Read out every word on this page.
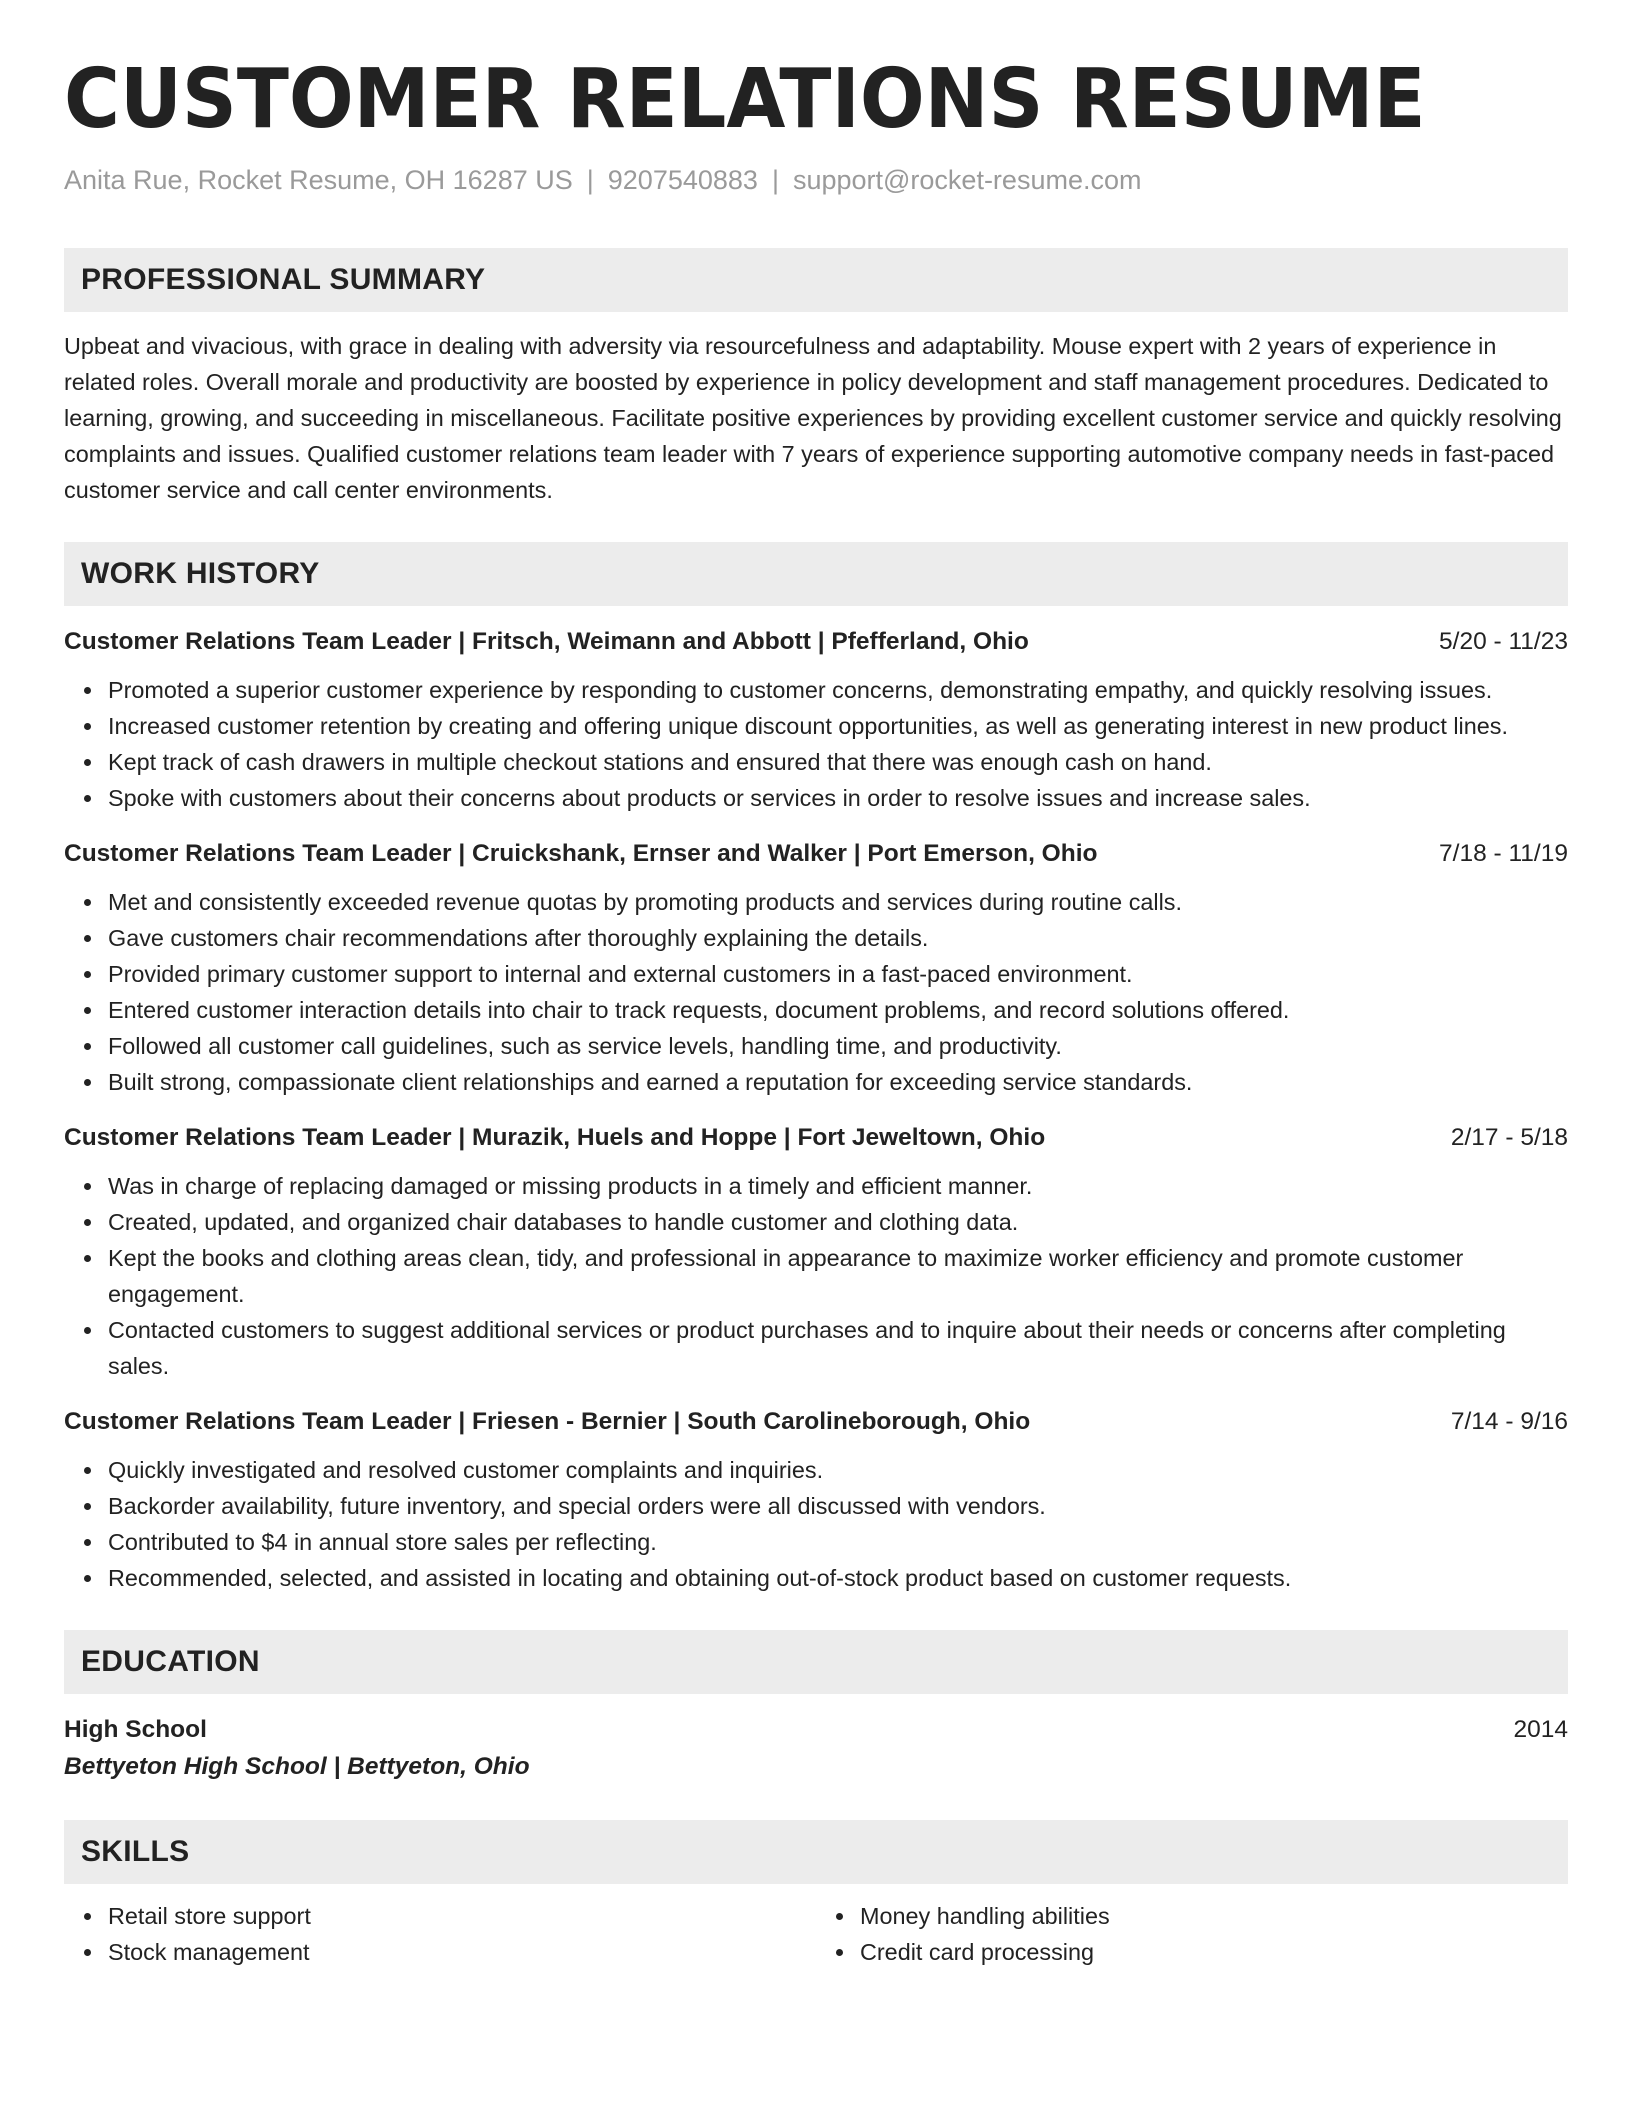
CUSTOMER RELATIONS RESUME
Anita Rue, Rocket Resume, OH 16287 US | 9207540883 | support@rocket-resume.com
PROFESSIONAL SUMMARY

Upbeat and vivacious, with grace in dealing with adversity via resourcefulness and adaptability. Mouse expert with 2 years of experience in related roles. Overall morale and productivity are boosted by experience in policy development and staff management procedures. Dedicated to learning, growing, and succeeding in miscellaneous. Facilitate positive experiences by providing excellent customer service and quickly resolving complaints and issues. Qualified customer relations team leader with 7 years of experience supporting automotive company needs in fast-paced customer service and call center environments.

WORK HISTORY
Customer Relations Team Leader | Fritsch, Weimann and Abbott | Pfefferland, Ohio	5/20 - 11/23
Promoted a superior customer experience by responding to customer concerns, demonstrating empathy, and quickly resolving issues.
Increased customer retention by creating and offering unique discount opportunities, as well as generating interest in new product lines.
Kept track of cash drawers in multiple checkout stations and ensured that there was enough cash on hand.
Spoke with customers about their concerns about products or services in order to resolve issues and increase sales.
Customer Relations Team Leader | Cruickshank, Ernser and Walker | Port Emerson, Ohio	7/18 - 11/19
Met and consistently exceeded revenue quotas by promoting products and services during routine calls.
Gave customers chair recommendations after thoroughly explaining the details.
Provided primary customer support to internal and external customers in a fast-paced environment.
Entered customer interaction details into chair to track requests, document problems, and record solutions offered.
Followed all customer call guidelines, such as service levels, handling time, and productivity.
Built strong, compassionate client relationships and earned a reputation for exceeding service standards.
Customer Relations Team Leader | Murazik, Huels and Hoppe | Fort Jeweltown, Ohio	2/17 - 5/18
Was in charge of replacing damaged or missing products in a timely and efficient manner.
Created, updated, and organized chair databases to handle customer and clothing data.
Kept the books and clothing areas clean, tidy, and professional in appearance to maximize worker efficiency and promote customer engagement.
Contacted customers to suggest additional services or product purchases and to inquire about their needs or concerns after completing sales.
Customer Relations Team Leader | Friesen - Bernier | South Carolineborough, Ohio	7/14 - 9/16
Quickly investigated and resolved customer complaints and inquiries.
Backorder availability, future inventory, and special orders were all discussed with vendors.
Contributed to $4 in annual store sales per reflecting.
Recommended, selected, and assisted in locating and obtaining out-of-stock product based on customer requests.
EDUCATION
High School	2014
Bettyeton High School | Bettyeton, Ohio
SKILLS
Retail store support
Stock management
Money handling abilities
Credit card processing
